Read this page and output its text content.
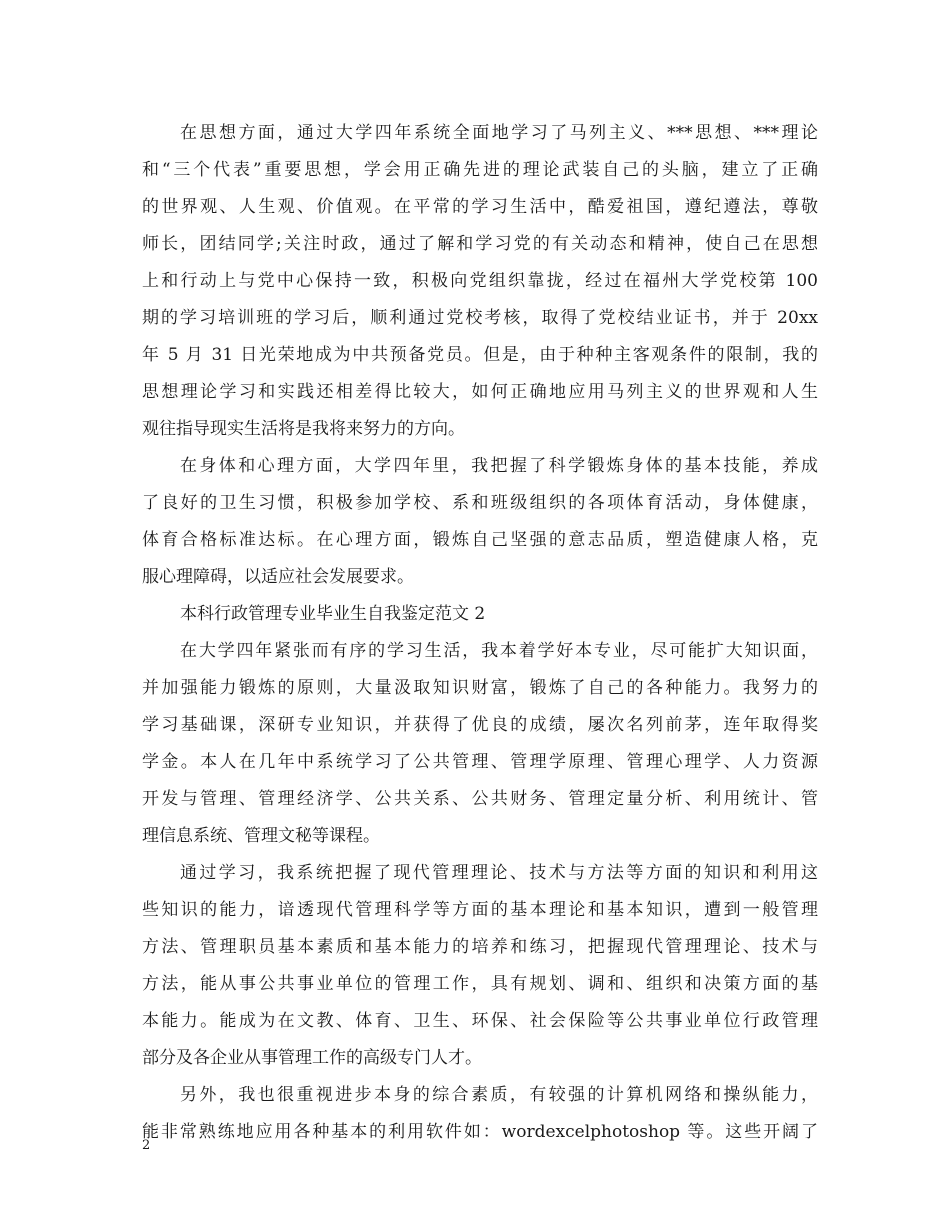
在思想方面，通过大学四年系统全面地学习了马列主义、***思想、***理论
和“三个代表”重要思想，学会用正确先进的理论武装自己的头脑，建立了正确
的世界观、人生观、价值观。在平常的学习生活中，酷爱祖国，遵纪遵法，尊敬
师长，团结同学;关注时政，通过了解和学习党的有关动态和精神，使自己在思想
上和行动上与党中心保持一致，积极向党组织靠拢，经过在福州大学党校第 100
期的学习培训班的学习后，顺利通过党校考核，取得了党校结业证书，并于 20xx
年 5 月 31 日光荣地成为中共预备党员。但是，由于种种主客观条件的限制，我的
思想理论学习和实践还相差得比较大，如何正确地应用马列主义的世界观和人生
观往指导现实生活将是我将来努力的方向。
在身体和心理方面，大学四年里，我把握了科学锻炼身体的基本技能，养成
了良好的卫生习惯，积极参加学校、系和班级组织的各项体育活动，身体健康，
体育合格标准达标。在心理方面，锻炼自己坚强的意志品质，塑造健康人格，克
服心理障碍，以适应社会发展要求。
本科行政管理专业毕业生自我鉴定范文 2
在大学四年紧张而有序的学习生活，我本着学好本专业，尽可能扩大知识面，
并加强能力锻炼的原则，大量汲取知识财富，锻炼了自己的各种能力。我努力的
学习基础课，深研专业知识，并获得了优良的成绩，屡次名列前茅，连年取得奖
学金。本人在几年中系统学习了公共管理、管理学原理、管理心理学、人力资源
开发与管理、管理经济学、公共关系、公共财务、管理定量分析、利用统计、管
理信息系统、管理文秘等课程。
通过学习，我系统把握了现代管理理论、技术与方法等方面的知识和利用这
些知识的能力，谙透现代管理科学等方面的基本理论和基本知识，遭到一般管理
方法、管理职员基本素质和基本能力的培养和练习，把握现代管理理论、技术与
方法，能从事公共事业单位的管理工作，具有规划、调和、组织和决策方面的基
本能力。能成为在文教、体育、卫生、环保、社会保险等公共事业单位行政管理
部分及各企业从事管理工作的高级专门人才。
另外，我也很重视进步本身的综合素质，有较强的计算机网络和操纵能力，
能非常熟练地应用各种基本的利用软件如：wordexcelphotoshop 等。这些开阔了
2
